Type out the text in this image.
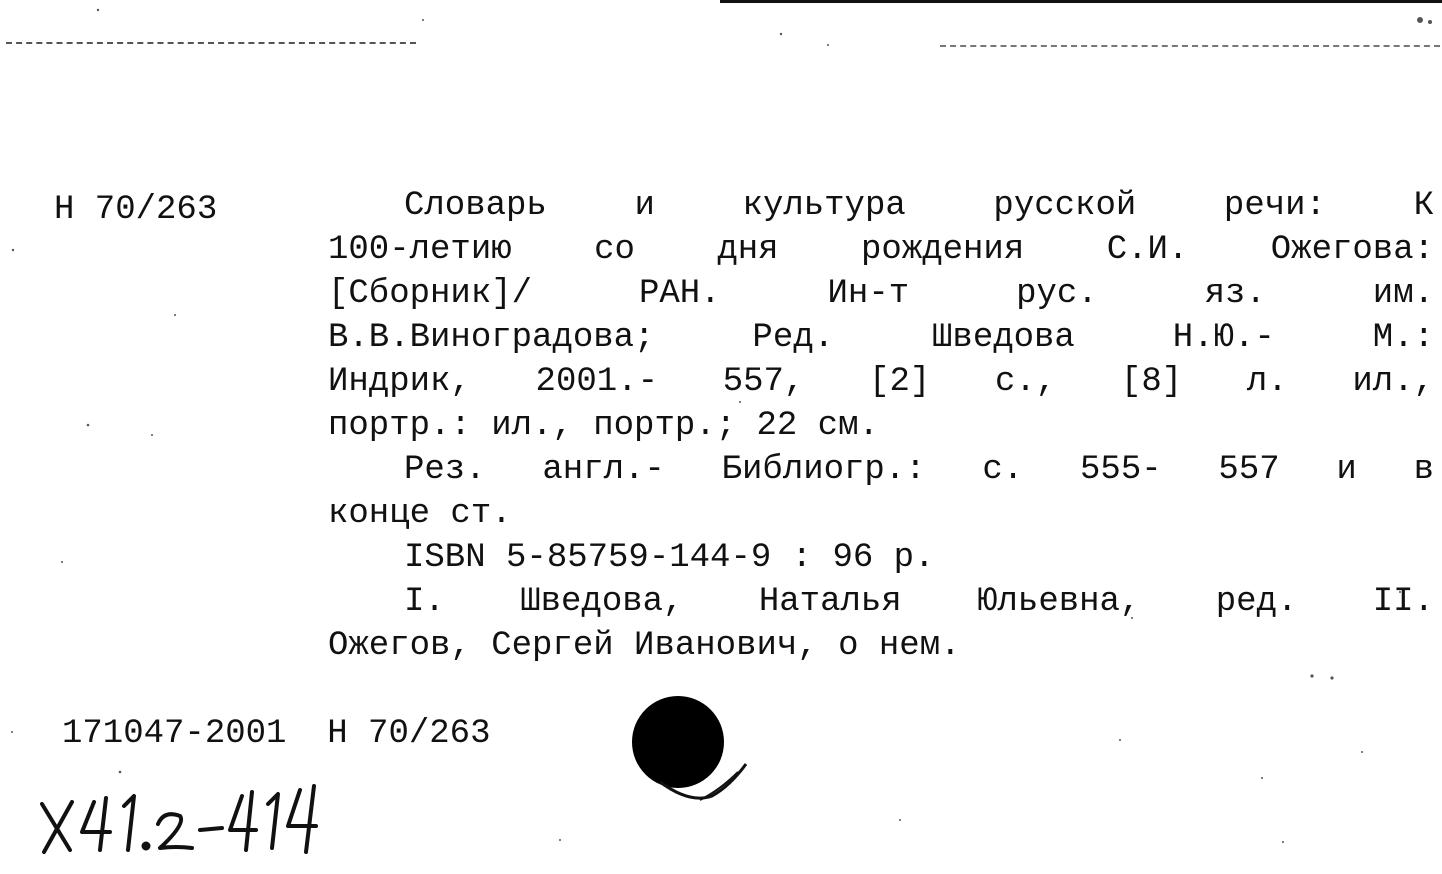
Н 70/263	Словарь и культура русской речи: К

100-летию со дня рождения С.И. Ожегова:

[Сборник]/ РАН. Ин-т рус. яз. им.

В.В.Виноградова; Ред. Шведова Н.Ю.- М.:

Индрик, 2001.- 557, [2] с., [8] л. ил.,

портр.: ил., портр.; 22 см.

Рез. англ.- Библиогр.: с. 555- 557 и в

конце ст.

ISBN 5-85759-144-9 : 96 р.

I. Шведова, Наталья Юльевна, ред. II.

Ожегов, Сергей Иванович, о нем.

171047-2001  Н 70/263
